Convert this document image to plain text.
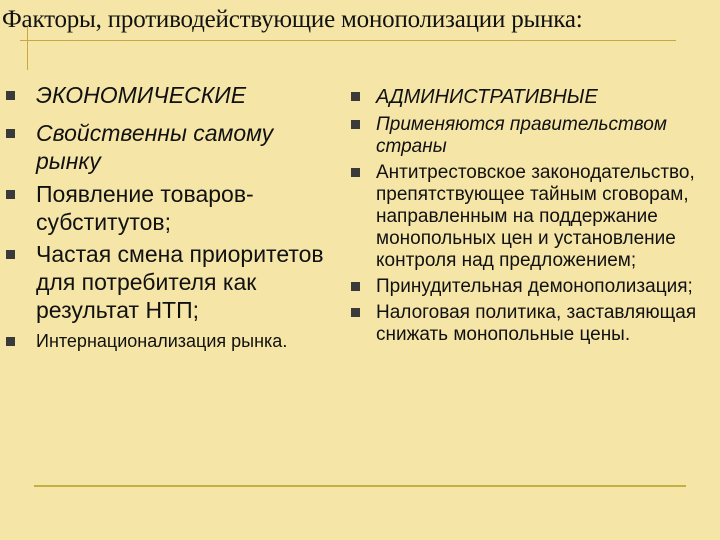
Факторы, противодействующие монополизации рынка:
ЭКОНОМИЧЕСКИЕ
Свойственны самому рынку
Появление товаров-субститутов;
Частая смена приоритетов для потребителя как результат НТП;
Интернационализация рынка.
АДМИНИСТРАТИВНЫЕ
Применяются правительством страны
Антитрестовское законодательство, препятствующее тайным сговорам, направленным на поддержание монопольных цен и установление контроля над предложением;
Принудительная демонополизация;
Налоговая политика, заставляющая снижать монопольные цены.
